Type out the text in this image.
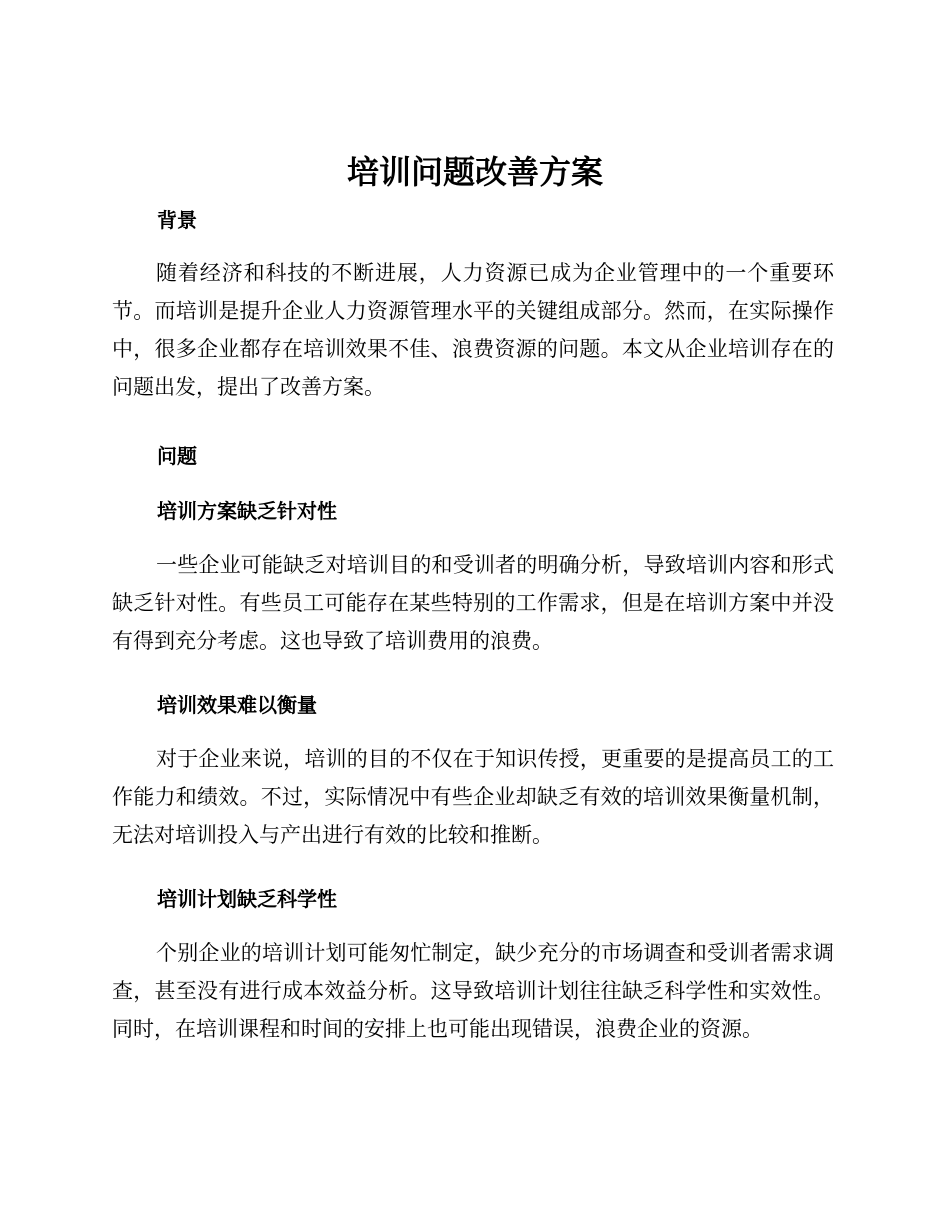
培训问题改善方案
背景

随着经济和科技的不断进展，人力资源已成为企业管理中的一个重要环节。而培训是提升企业人力资源管理水平的关键组成部分。然而，在实际操作中，很多企业都存在培训效果不佳、浪费资源的问题。本文从企业培训存在的问题出发，提出了改善方案。

问题
培训方案缺乏针对性

一些企业可能缺乏对培训目的和受训者的明确分析，导致培训内容和形式缺乏针对性。有些员工可能存在某些特别的工作需求，但是在培训方案中并没有得到充分考虑。这也导致了培训费用的浪费。

培训效果难以衡量

对于企业来说，培训的目的不仅在于知识传授，更重要的是提高员工的工作能力和绩效。不过，实际情况中有些企业却缺乏有效的培训效果衡量机制，无法对培训投入与产出进行有效的比较和推断。

培训计划缺乏科学性

个别企业的培训计划可能匆忙制定，缺少充分的市场调查和受训者需求调查，甚至没有进行成本效益分析。这导致培训计划往往缺乏科学性和实效性。同时，在培训课程和时间的安排上也可能出现错误，浪费企业的资源。
